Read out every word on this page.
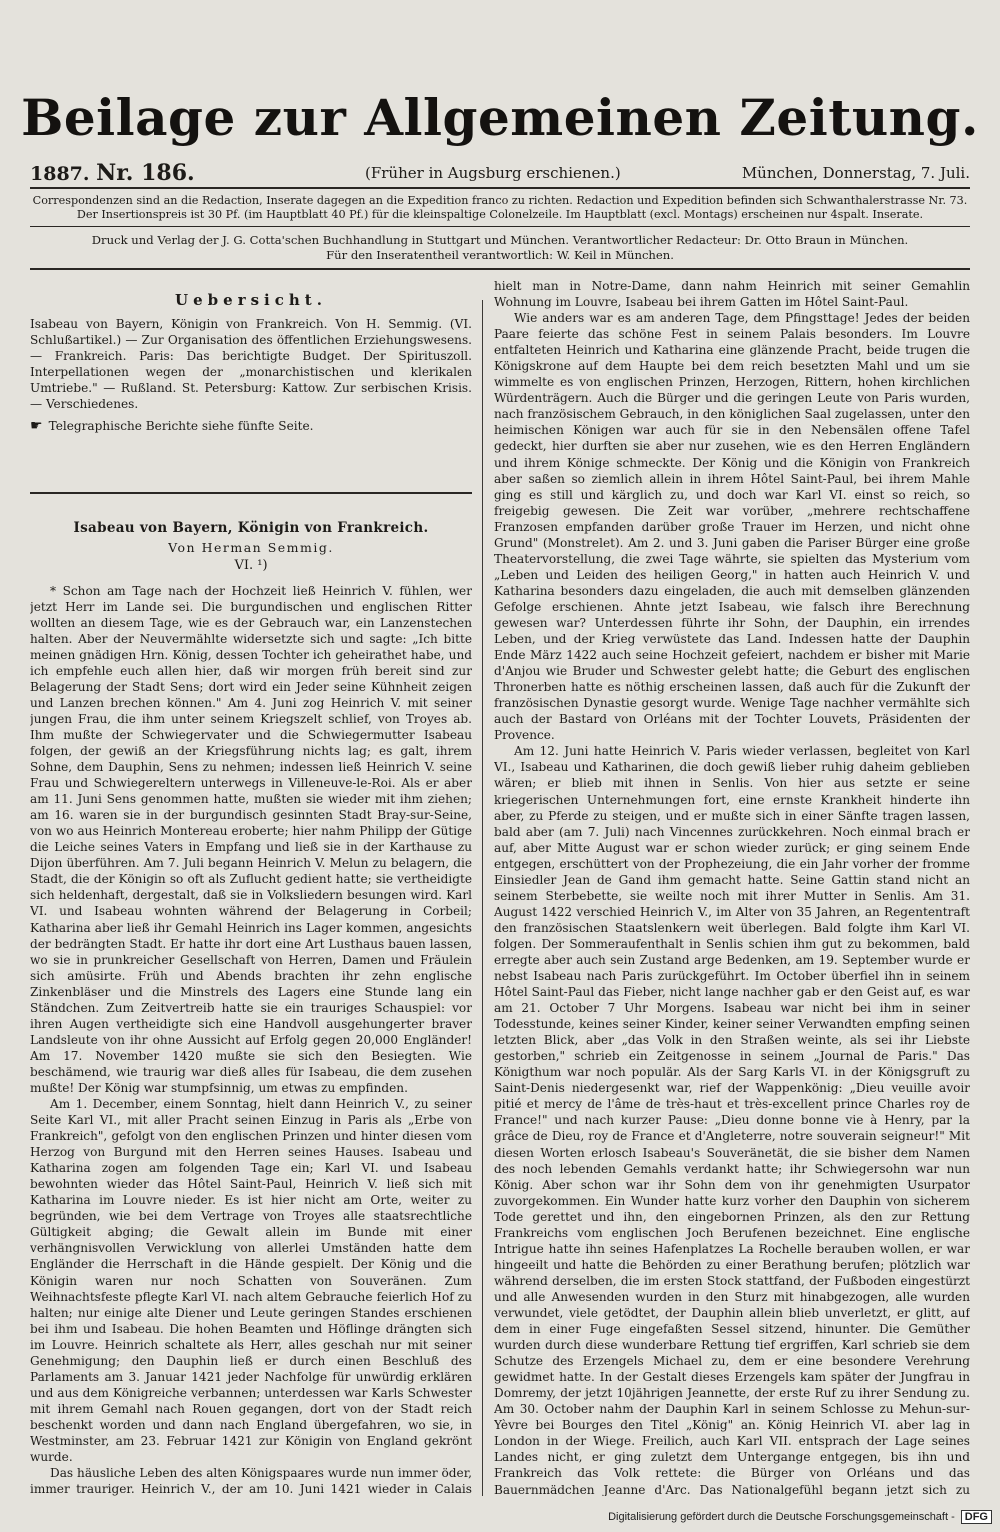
Beilage zur Allgemeinen Zeitung.
1887. Nr. 186.	(Früher in Augsburg erschienen.)	München, Donnerstag, 7. Juli.
Correspondenzen sind an die Redaction, Inserate dagegen an die Expedition franco zu richten. Redaction und Expedition befinden sich Schwanthalerstrasse Nr. 73.
Der Insertionspreis ist 30 Pf. (im Hauptblatt 40 Pf.) für die kleinspaltige Colonelzeile. Im Hauptblatt (excl. Montags) erscheinen nur 4spalt. Inserate.
Druck und Verlag der J. G. Cotta'schen Buchhandlung in Stuttgart und München. Verantwortlicher Redacteur: Dr. Otto Braun in München.
Für den Inseratentheil verantwortlich: W. Keil in München.
Uebersicht.

Isabeau von Bayern, Königin von Frankreich. Von H. Semmig. (VI. Schlußartikel.) — Zur Organisation des öffentlichen Erziehungswesens. — Frankreich. Paris: Das berichtigte Budget. Der Spirituszoll. Interpellationen wegen der „monarchistischen und klerikalen Umtriebe." — Rußland. St. Petersburg: Kattow. Zur serbischen Krisis. — Verschiedenes.

☛ Telegraphische Berichte siehe fünfte Seite.
Isabeau von Bayern, Königin von Frankreich.
Von Herman Semmig.
VI. ¹)

* Schon am Tage nach der Hochzeit ließ Heinrich V. fühlen, wer jetzt Herr im Lande sei. Die burgundischen und englischen Ritter wollten an diesem Tage, wie es der Gebrauch war, ein Lanzenstechen halten. Aber der Neuvermählte widersetzte sich und sagte: „Ich bitte meinen gnädigen Hrn. König, dessen Tochter ich geheirathet habe, und ich empfehle euch allen hier, daß wir morgen früh bereit sind zur Belagerung der Stadt Sens; dort wird ein Jeder seine Kühnheit zeigen und Lanzen brechen können." Am 4. Juni zog Heinrich V. mit seiner jungen Frau, die ihm unter seinem Kriegszelt schlief, von Troyes ab. Ihm mußte der Schwiegervater und die Schwiegermutter Isabeau folgen, der gewiß an der Kriegsführung nichts lag; es galt, ihrem Sohne, dem Dauphin, Sens zu nehmen; indessen ließ Heinrich V. seine Frau und Schwiegereltern unterwegs in Villeneuve-le-Roi. Als er aber am 11. Juni Sens genommen hatte, mußten sie wieder mit ihm ziehen; am 16. waren sie in der burgundisch gesinnten Stadt Bray-sur-Seine, von wo aus Heinrich Montereau eroberte; hier nahm Philipp der Gütige die Leiche seines Vaters in Empfang und ließ sie in der Karthause zu Dijon überführen. Am 7. Juli begann Heinrich V. Melun zu belagern, die Stadt, die der Königin so oft als Zuflucht gedient hatte; sie vertheidigte sich heldenhaft, dergestalt, daß sie in Volksliedern besungen wird. Karl VI. und Isabeau wohnten während der Belagerung in Corbeil; Katharina aber ließ ihr Gemahl Heinrich ins Lager kommen, angesichts der bedrängten Stadt. Er hatte ihr dort eine Art Lusthaus bauen lassen, wo sie in prunkreicher Gesellschaft von Herren, Damen und Fräulein sich amüsirte. Früh und Abends brachten ihr zehn englische Zinkenbläser und die Minstrels des Lagers eine Stunde lang ein Ständchen. Zum Zeitvertreib hatte sie ein trauriges Schauspiel: vor ihren Augen vertheidigte sich eine Handvoll ausgehungerter braver Landsleute von ihr ohne Aussicht auf Erfolg gegen 20,000 Engländer! Am 17. November 1420 mußte sie sich den Besiegten. Wie beschämend, wie traurig war dieß alles für Isabeau, die dem zusehen mußte! Der König war stumpfsinnig, um etwas zu empfinden.

Am 1. December, einem Sonntag, hielt dann Heinrich V., zu seiner Seite Karl VI., mit aller Pracht seinen Einzug in Paris als „Erbe von Frankreich", gefolgt von den englischen Prinzen und hinter diesen vom Herzog von Burgund mit den Herren seines Hauses. Isabeau und Katharina zogen am folgenden Tage ein; Karl VI. und Isabeau bewohnten wieder das Hôtel Saint-Paul, Heinrich V. ließ sich mit Katharina im Louvre nieder. Es ist hier nicht am Orte, weiter zu begründen, wie bei dem Vertrage von Troyes alle staatsrechtliche Gültigkeit abging; die Gewalt allein im Bunde mit einer verhängnisvollen Verwicklung von allerlei Umständen hatte dem Engländer die Herrschaft in die Hände gespielt. Der König und die Königin waren nur noch Schatten von Souveränen. Zum Weihnachtsfeste pflegte Karl VI. nach altem Gebrauche feierlich Hof zu halten; nur einige alte Diener und Leute geringen Standes erschienen bei ihm und Isabeau. Die hohen Beamten und Höflinge drängten sich im Louvre. Heinrich schaltete als Herr, alles geschah nur mit seiner Genehmigung; den Dauphin ließ er durch einen Beschluß des Parlaments am 3. Januar 1421 jeder Nachfolge für unwürdig erklären und aus dem Königreiche verbannen; unterdessen war Karls Schwester mit ihrem Gemahl nach Rouen gegangen, dort von der Stadt reich beschenkt worden und dann nach England übergefahren, wo sie, in Westminster, am 23. Februar 1421 zur Königin von England gekrönt wurde.

Das häusliche Leben des alten Königspaares wurde nun immer öder, immer trauriger. Heinrich V., der am 10. Juni 1421 wieder in Calais

hielt man in Notre-Dame, dann nahm Heinrich mit seiner Gemahlin Wohnung im Louvre, Isabeau bei ihrem Gatten im Hôtel Saint-Paul.

Wie anders war es am anderen Tage, dem Pfingsttage! Jedes der beiden Paare feierte das schöne Fest in seinem Palais besonders. Im Louvre entfalteten Heinrich und Katharina eine glänzende Pracht, beide trugen die Königskrone auf dem Haupte bei dem reich besetzten Mahl und um sie wimmelte es von englischen Prinzen, Herzogen, Rittern, hohen kirchlichen Würdenträgern. Auch die Bürger und die geringen Leute von Paris wurden, nach französischem Gebrauch, in den königlichen Saal zugelassen, unter den heimischen Königen war auch für sie in den Nebensälen offene Tafel gedeckt, hier durften sie aber nur zusehen, wie es den Herren Engländern und ihrem Könige schmeckte. Der König und die Königin von Frankreich aber saßen so ziemlich allein in ihrem Hôtel Saint-Paul, bei ihrem Mahle ging es still und kärglich zu, und doch war Karl VI. einst so reich, so freigebig gewesen. Die Zeit war vorüber, „mehrere rechtschaffene Franzosen empfanden darüber große Trauer im Herzen, und nicht ohne Grund" (Monstrelet). Am 2. und 3. Juni gaben die Pariser Bürger eine große Theatervorstellung, die zwei Tage währte, sie spielten das Mysterium vom „Leben und Leiden des heiligen Georg," in hatten auch Heinrich V. und Katharina besonders dazu eingeladen, die auch mit demselben glänzenden Gefolge erschienen. Ahnte jetzt Isabeau, wie falsch ihre Berechnung gewesen war? Unterdessen führte ihr Sohn, der Dauphin, ein irrendes Leben, und der Krieg verwüstete das Land. Indessen hatte der Dauphin Ende März 1422 auch seine Hochzeit gefeiert, nachdem er bisher mit Marie d'Anjou wie Bruder und Schwester gelebt hatte; die Geburt des englischen Thronerben hatte es nöthig erscheinen lassen, daß auch für die Zukunft der französischen Dynastie gesorgt wurde. Wenige Tage nachher vermählte sich auch der Bastard von Orléans mit der Tochter Louvets, Präsidenten der Provence.

Am 12. Juni hatte Heinrich V. Paris wieder verlassen, begleitet von Karl VI., Isabeau und Katharinen, die doch gewiß lieber ruhig daheim geblieben wären; er blieb mit ihnen in Senlis. Von hier aus setzte er seine kriegerischen Unternehmungen fort, eine ernste Krankheit hinderte ihn aber, zu Pferde zu steigen, und er mußte sich in einer Sänfte tragen lassen, bald aber (am 7. Juli) nach Vincennes zurückkehren. Noch einmal brach er auf, aber Mitte August war er schon wieder zurück; er ging seinem Ende entgegen, erschüttert von der Prophezeiung, die ein Jahr vorher der fromme Einsiedler Jean de Gand ihm gemacht hatte. Seine Gattin stand nicht an seinem Sterbebette, sie weilte noch mit ihrer Mutter in Senlis. Am 31. August 1422 verschied Heinrich V., im Alter von 35 Jahren, an Regententraft den französischen Staatslenkern weit überlegen. Bald folgte ihm Karl VI. folgen. Der Sommeraufenthalt in Senlis schien ihm gut zu bekommen, bald erregte aber auch sein Zustand arge Bedenken, am 19. September wurde er nebst Isabeau nach Paris zurückgeführt. Im October überfiel ihn in seinem Hôtel Saint-Paul das Fieber, nicht lange nachher gab er den Geist auf, es war am 21. October 7 Uhr Morgens. Isabeau war nicht bei ihm in seiner Todesstunde, keines seiner Kinder, keiner seiner Verwandten empfing seinen letzten Blick, aber „das Volk in den Straßen weinte, als sei ihr Liebste gestorben," schrieb ein Zeitgenosse in seinem „Journal de Paris." Das Königthum war noch populär. Als der Sarg Karls VI. in der Königsgruft zu Saint-Denis niedergesenkt war, rief der Wappenkönig: „Dieu veuille avoir pitié et mercy de l'âme de très-haut et très-excellent prince Charles roy de France!" und nach kurzer Pause: „Dieu donne bonne vie à Henry, par la grâce de Dieu, roy de France et d'Angleterre, notre souverain seigneur!" Mit diesen Worten erlosch Isabeau's Souveränetät, die sie bisher dem Namen des noch lebenden Gemahls verdankt hatte; ihr Schwiegersohn war nun König. Aber schon war ihr Sohn dem von ihr genehmigten Usurpator zuvorgekommen. Ein Wunder hatte kurz vorher den Dauphin von sicherem Tode gerettet und ihn, den eingebornen Prinzen, als den zur Rettung Frankreichs vom englischen Joch Berufenen bezeichnet. Eine englische Intrigue hatte ihn seines Hafenplatzes La Rochelle berauben wollen, er war hingeeilt und hatte die Behörden zu einer Berathung berufen; plötzlich war während derselben, die im ersten Stock stattfand, der Fußboden eingestürzt und alle Anwesenden wurden in den Sturz mit hinabgezogen, alle wurden verwundet, viele getödtet, der Dauphin allein blieb unverletzt, er glitt, auf dem in einer Fuge eingefaßten Sessel sitzend, hinunter. Die Gemüther wurden durch diese wunderbare Rettung tief ergriffen, Karl schrieb sie dem Schutze des Erzengels Michael zu, dem er eine besondere Verehrung gewidmet hatte. In der Gestalt dieses Erzengels kam später der Jungfrau in Domremy, der jetzt 10jährigen Jeannette, der erste Ruf zu ihrer Sendung zu. Am 30. October nahm der Dauphin Karl in seinem Schlosse zu Mehun-sur-Yèvre bei Bourges den Titel „König" an. König Heinrich VI. aber lag in London in der Wiege. Freilich, auch Karl VII. entsprach der Lage seines Landes nicht, er ging zuletzt dem Untergange entgegen, bis ihn und Frankreich das Volk rettete: die Bürger von Orléans und das Bauernmädchen Jeanne d'Arc. Das Nationalgefühl begann jetzt sich zu

Digitalisierung gefördert durch die Deutsche Forschungsgemeinschaft - DFG
